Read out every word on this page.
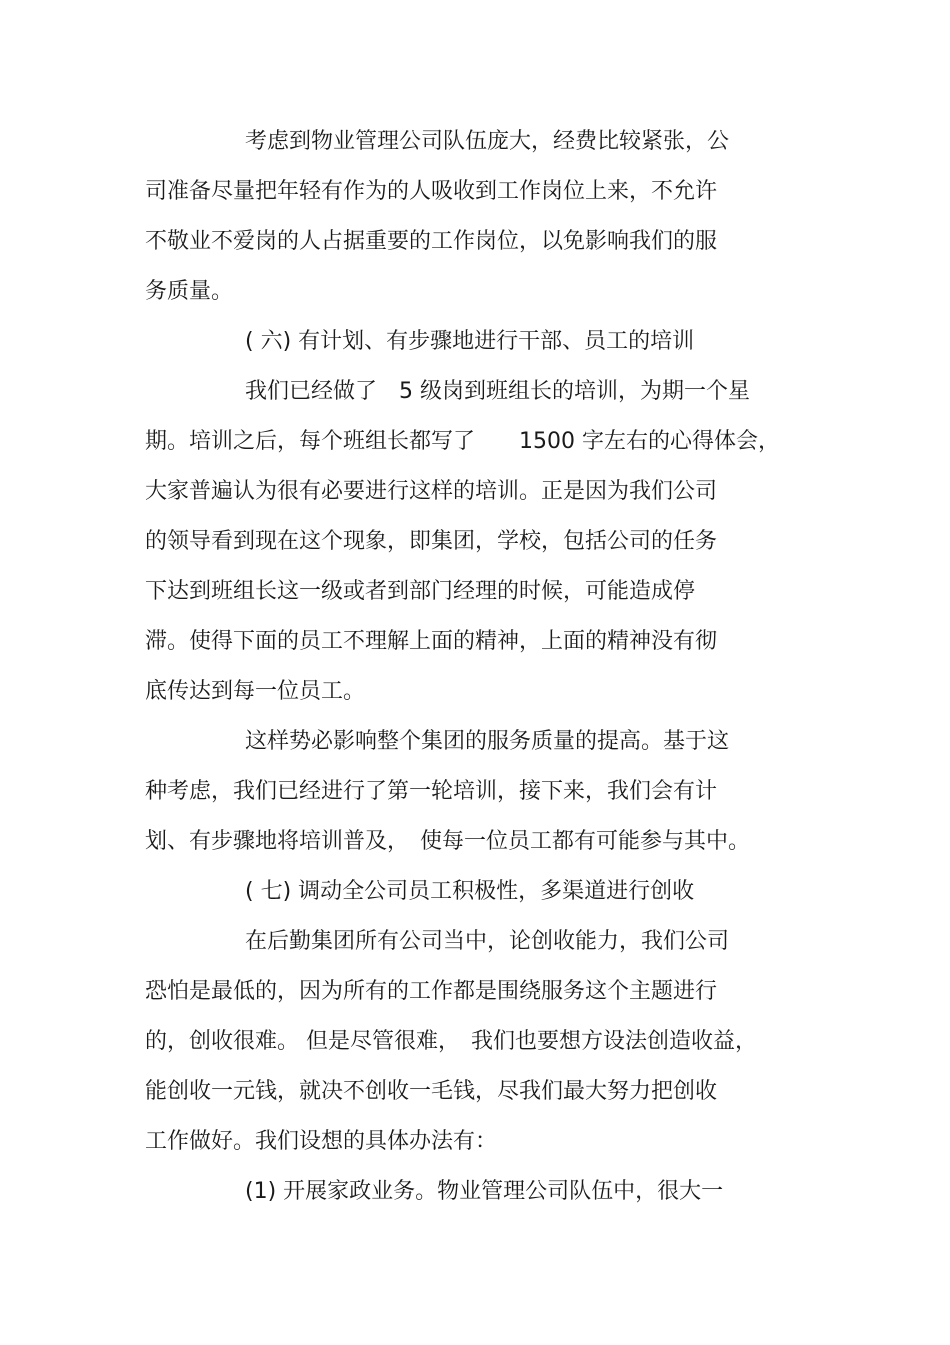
考虑到物业管理公司队伍庞大，经费比较紧张，公

司准备尽量把年轻有作为的人吸收到工作岗位上来，不允许

不敬业不爱岗的人占据重要的工作岗位，以免影响我们的服

务质量。

( 六) 有计划、有步骤地进行干部、员工的培训

我们已经做了　5 级岗到班组长的培训，为期一个星

期。培训之后，每个班组长都写了　　1500 字左右的心得体会，

大家普遍认为很有必要进行这样的培训。正是因为我们公司

的领导看到现在这个现象，即集团，学校，包括公司的任务

下达到班组长这一级或者到部门经理的时候，可能造成停

滞。使得下面的员工不理解上面的精神，上面的精神没有彻

底传达到每一位员工。

这样势必影响整个集团的服务质量的提高。基于这

种考虑，我们已经进行了第一轮培训，接下来，我们会有计

划、有步骤地将培训普及，　使每一位员工都有可能参与其中。

( 七) 调动全公司员工积极性，多渠道进行创收

在后勤集团所有公司当中，论创收能力，我们公司

恐怕是最低的，因为所有的工作都是围绕服务这个主题进行

的，创收很难。 但是尽管很难，　我们也要想方设法创造收益，

能创收一元钱，就决不创收一毛钱，尽我们最大努力把创收

工作做好。我们设想的具体办法有：

(1) 开展家政业务。物业管理公司队伍中，很大一
